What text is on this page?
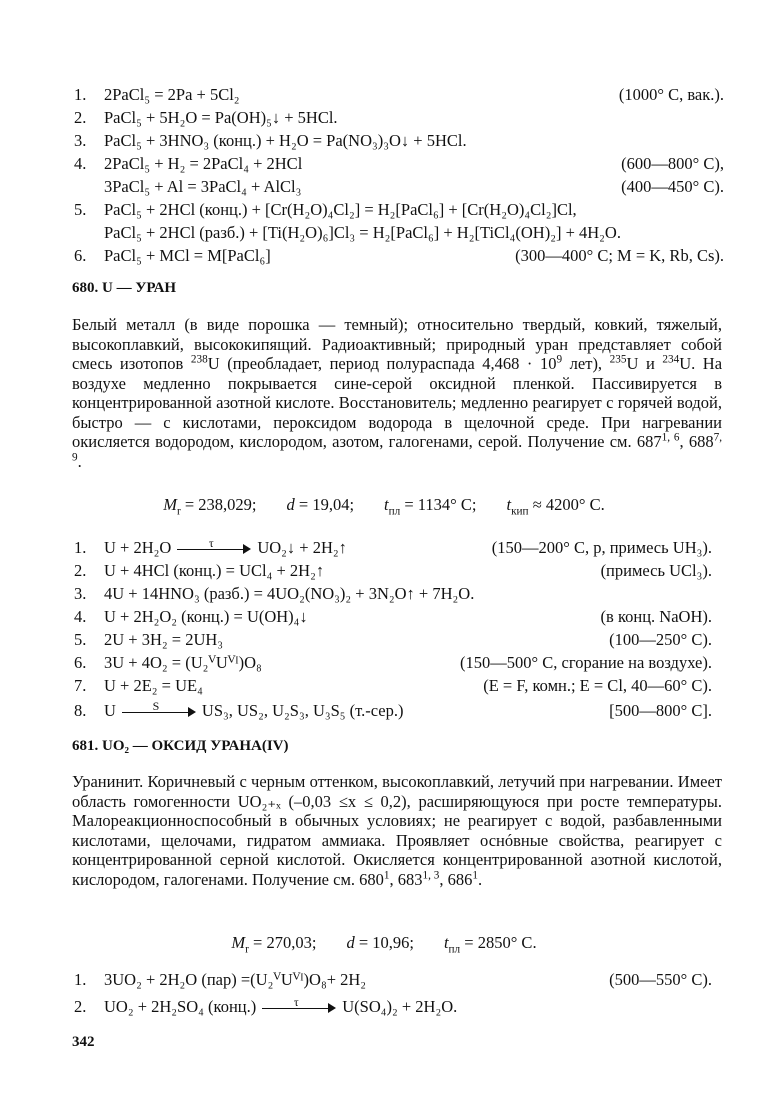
1. 2PaCl₅ = 2Pa + 5Cl₂	(1000° C, вак.).
2. PaCl₅ + 5H₂O = Pa(OH)₅↓ + 5HCl.
3. PaCl₅ + 3HNO₃ (конц.) + H₂O = Pa(NO₃)₃O↓ + 5HCl.
4. 2PaCl₅ + H₂ = 2PaCl₄ + 2HCl	(600—800° C),
3PaCl₅ + Al = 3PaCl₄ + AlCl₃	(400—450° C).
5. PaCl₅ + 2HCl (конц.) + [Cr(H₂O)₄Cl₂] = H₂[PaCl₆] + [Cr(H₂O)₄Cl₂]Cl,
PaCl₅ + 2HCl (разб.) + [Ti(H₂O)₆]Cl₃ = H₂[PaCl₆] + H₂[TiCl₄(OH)₂] + 4H₂O.
6. PaCl₅ + MCl = M[PaCl₆]	(300—400° C; M = K, Rb, Cs).
680. U — УРАН
Белый металл (в виде порошка — темный); относительно твердый, ковкий, тяжелый, высокоплавкий, высококипящий. Радиоактивный; природный уран представляет собой смесь изотопов $^{238}$U (преобладает, период полураспада $4,468 \cdot 10^9$ лет), $^{235}$U и $^{234}$U. На воздухе медленно покрывается сине-серой оксидной пленкой. Пассивируется в концентрированной азотной кислоте. Восстановитель; медленно реагирует с горячей водой, быстро — с кислотами, пероксидом водорода в щелочной среде. При нагревании окисляется водородом, кислородом, азотом, галогенами, серой. Получение см. 687$^{1, 6}$, 688$^{7, 9}$.
$M_r = 238,029$; d = 19,04; $t_{пл} = 1134^\circ$ C; $t_{кип} \approx 4200^\circ$ C.
1. U + 2H₂O	τ	UO₂↓ + 2H₂↑	(150—200° C, p, примесь UH₃).
2. U + 4HCl (конц.) = UCl₄ + 2H₂↑	(примесь UCl₃).
3. 4U + 14HNO₃ (разб.) = 4UO₂(NO₃)₂ + 3N₂O↑ + 7H₂O.
4. U + 2H₂O₂ (конц.) = U(OH)₄↓	(в конц. NaOH).
5. 2U + 3H₂ = 2UH₃	(100—250° C).
6. 3U + 4O₂ = (U₂ⱽUⱽᴵ)O₈	(150—500° C, сгорание на воздухе).
7. U + 2E₂ = UE₄	(E = F, комн.; E = Cl, 40—60° C).
8. U	S	US₃, US₂, U₂S₃, U₃S₅ (т.-сер.)	[500—800° C].
681. UO₂ — ОКСИД УРАНА(IV)
Уранинит. Коричневый с черным оттенком, высокоплавкий, летучий при нагревании. Имеет область гомогенности UO₂₊ₓ (–0,03 ≤x ≤ 0,2), расширяющуюся при росте температуры. Малореакционноспособный в обычных условиях; не реагирует с водой, разбавленными кислотами, щелочами, гидратом аммиака. Проявляет оснóвные свойства, реагирует с концентрированной серной кислотой. Окисляется концентрированной азотной кислотой, кислородом, галогенами. Получение см. $680^1$, 683$^{1, 3}$, $686^1$.
$M_r = 270,03$; d = 10,96; $t_{пл} = 2850^\circ$ C.
1. 3UO₂ + 2H₂O (пар) =(U₂ⱽUⱽᴵ)O₈+ 2H₂	(500—550° C).
2. UO₂ + 2H₂SO₄ (конц.)	τ	U(SO₄)₂ + 2H₂O.
342
